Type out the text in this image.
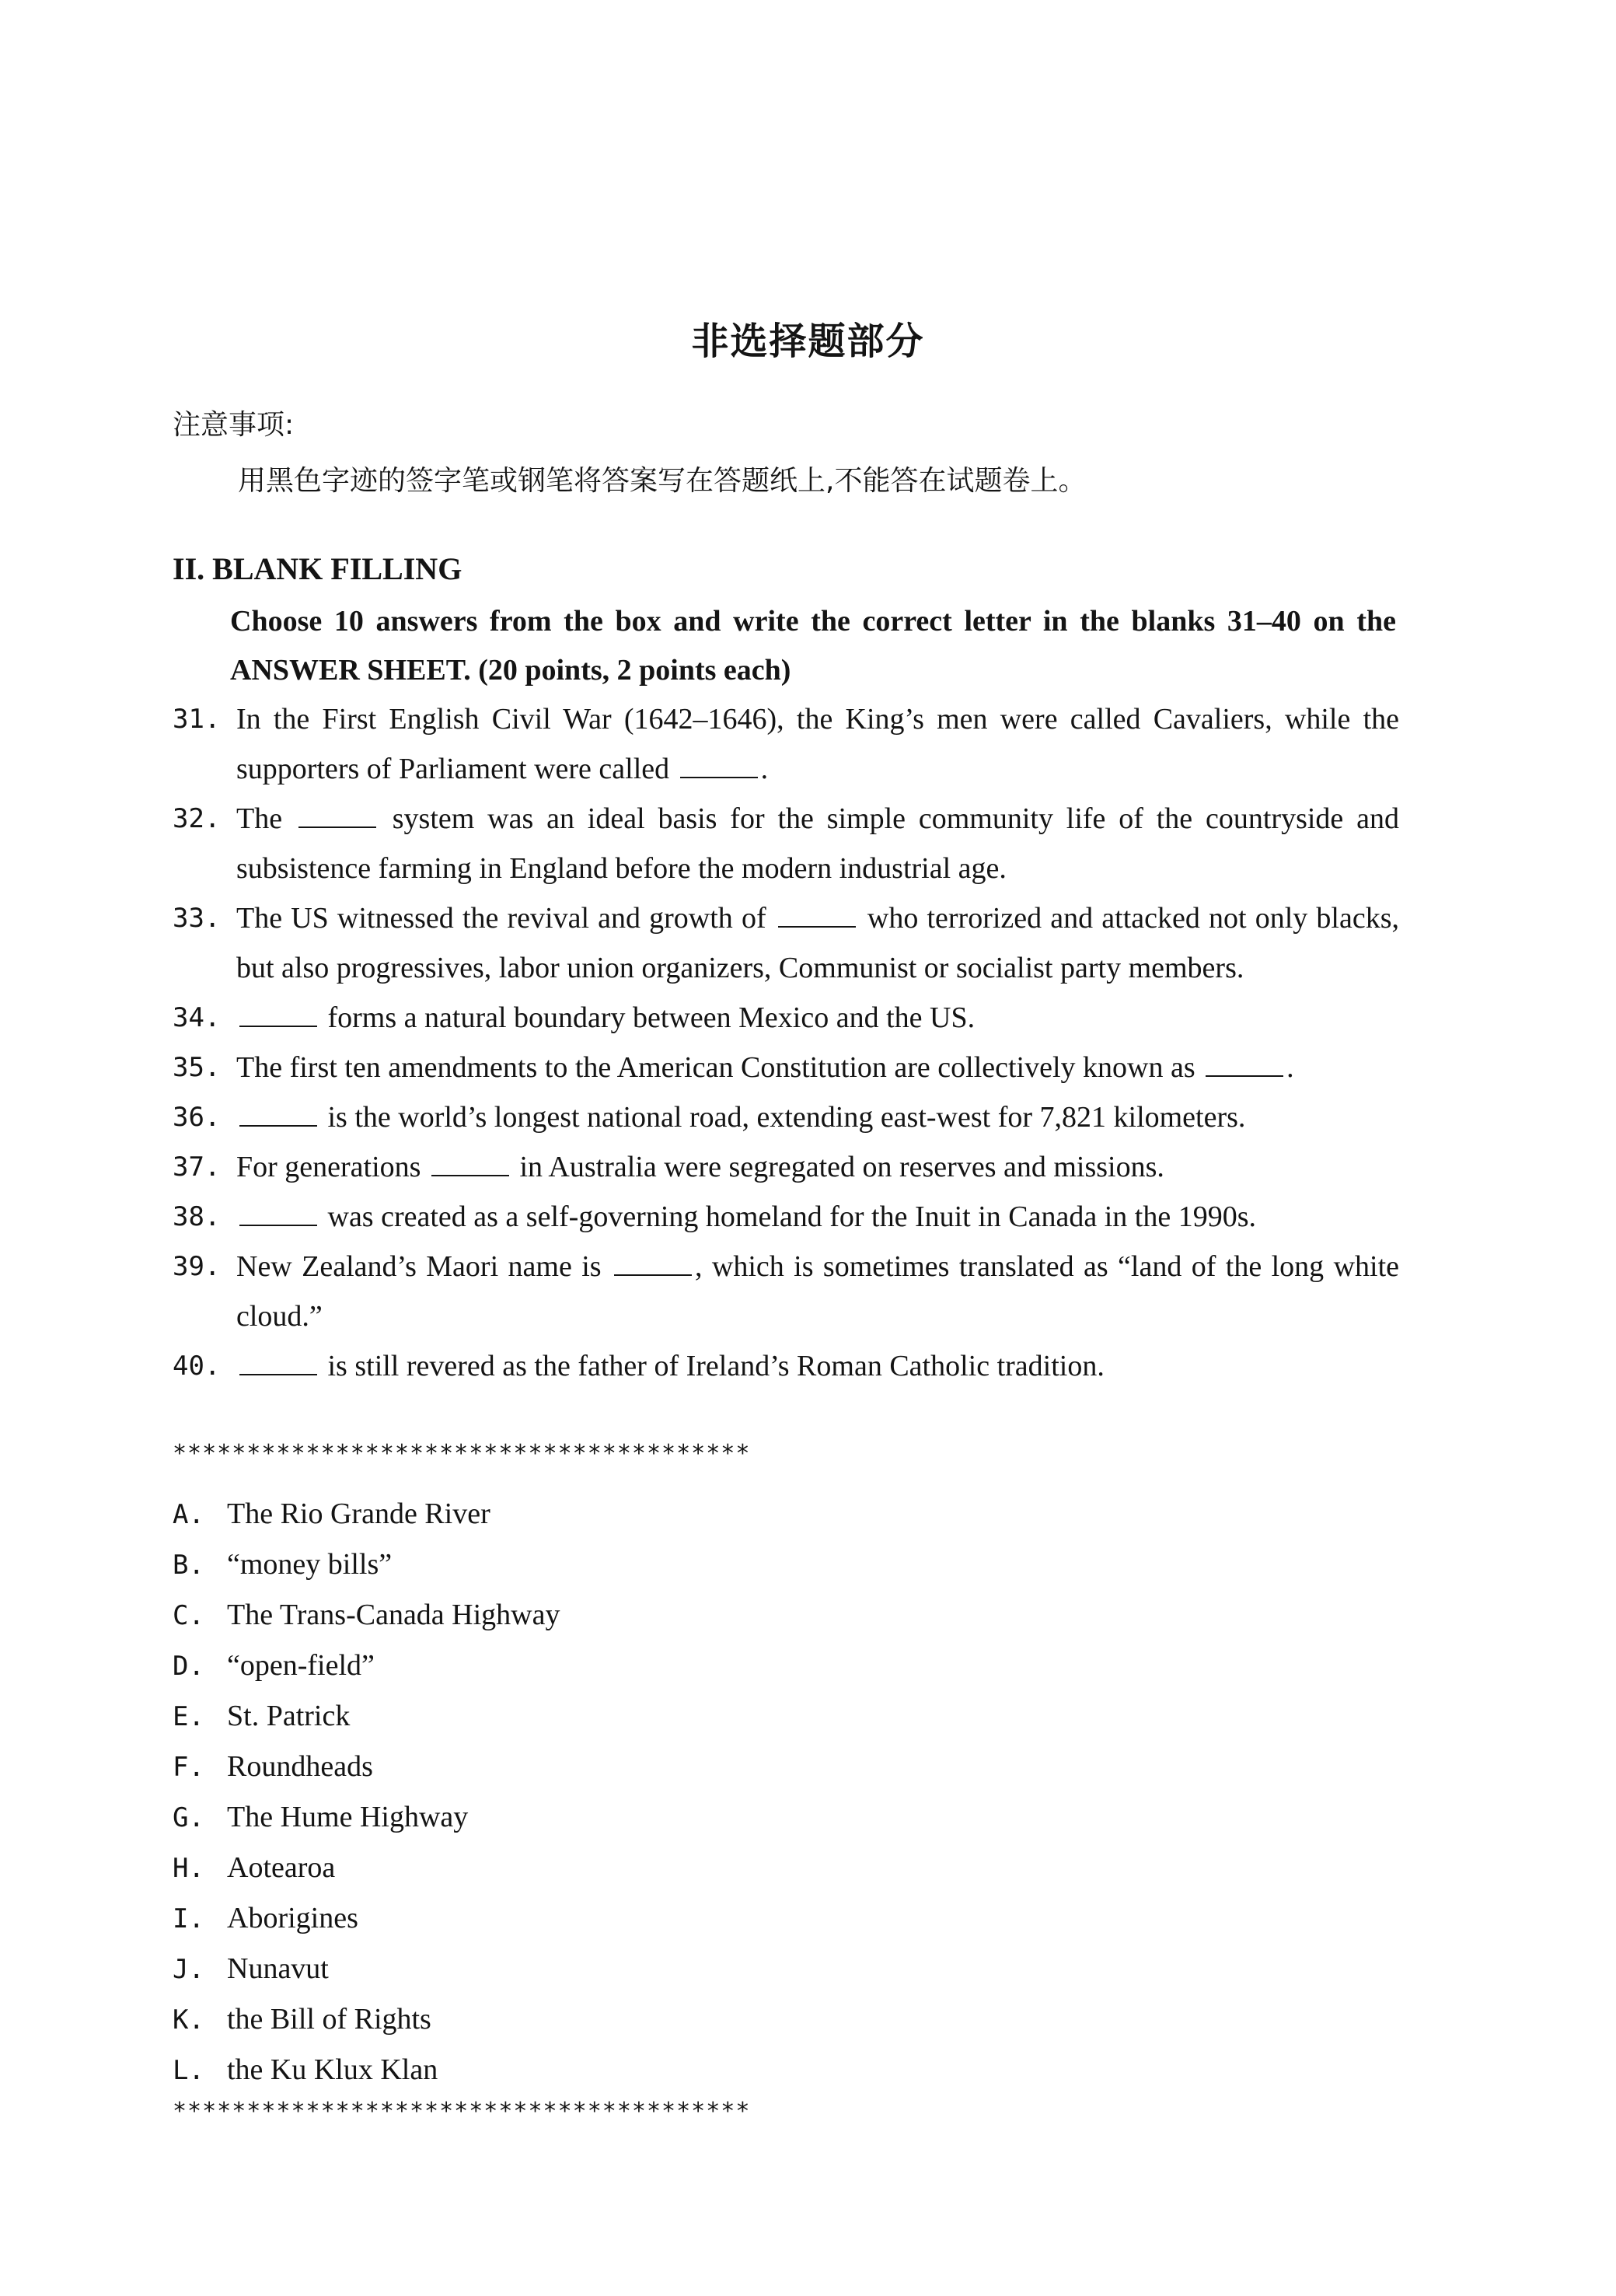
非选择题部分
注意事项:
用黑色字迹的签字笔或钢笔将答案写在答题纸上,不能答在试题卷上。
II. BLANK FILLING
Choose 10 answers from the box and write the correct letter in the blanks 31–40 on the ANSWER SHEET. (20 points, 2 points each)
31. In the First English Civil War (1642–1646), the King’s men were called Cavaliers, while the supporters of Parliament were called	.
32. The	system was an ideal basis for the simple community life of the countryside and subsistence farming in England before the modern industrial age.
33. The US witnessed the revival and growth of	who terrorized and attacked not only blacks, but also progressives, labor union organizers, Communist or socialist party members.
34.	forms a natural boundary between Mexico and the US.
35. The first ten amendments to the American Constitution are collectively known as	.
36.	is the world’s longest national road, extending east-west for 7,821 kilometers.
37. For generations	in Australia were segregated on reserves and missions.
38.	was created as a self-governing homeland for the Inuit in Canada in the 1990s.
39. New Zealand’s Maori name is	, which is sometimes translated as “land of the long white cloud.”
40.	is still revered as the father of Ireland’s Roman Catholic tradition.
***************************************
A. The Rio Grande River
B. “money bills”
C. The Trans-Canada Highway
D. “open-field”
E. St. Patrick
F. Roundheads
G. The Hume Highway
H. Aotearoa
I. Aborigines
J. Nunavut
K. the Bill of Rights
L. the Ku Klux Klan
***************************************
